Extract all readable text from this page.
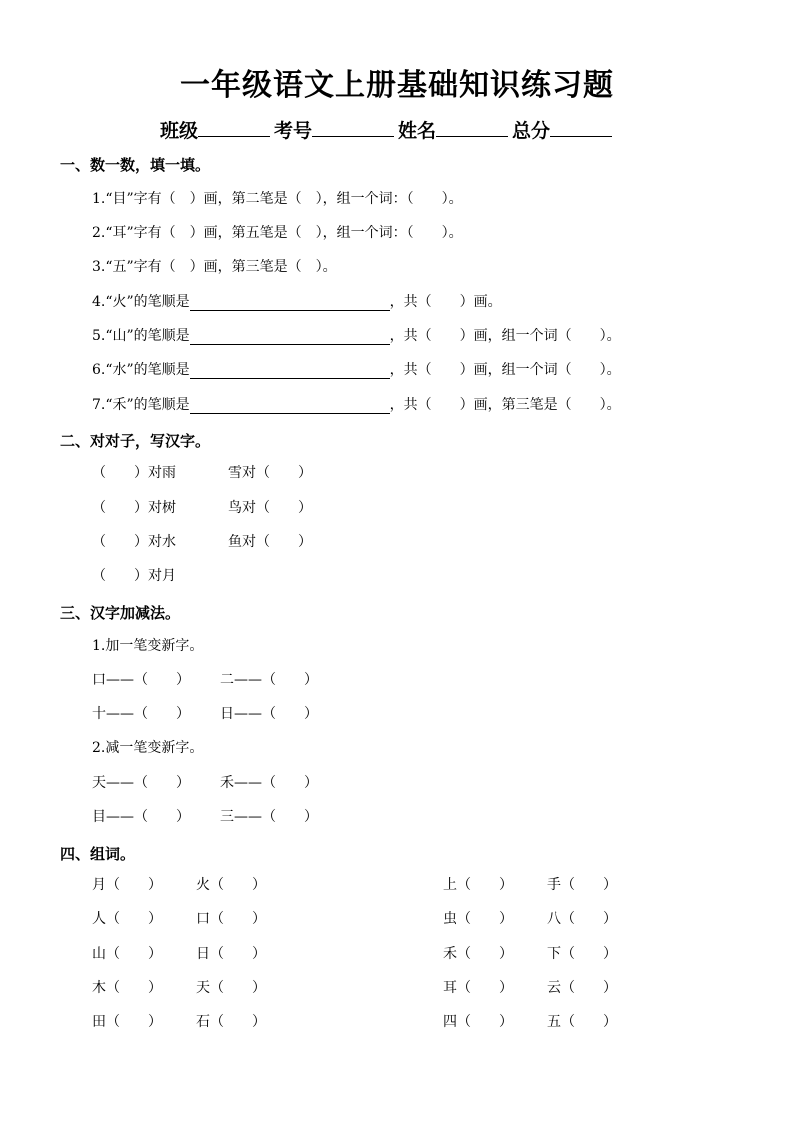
一年级语文上册基础知识练习题
班级	考号	姓名	总分
一、数一数，填一填。
1.“目”字有（　）画，第二笔是（　），组一个词：（　　）。
2.“耳”字有（　）画，第五笔是（　），组一个词：（　　）。
3.“五”字有（　）画，第三笔是（　）。
4.“火”的笔顺是	，共（　　）画。
5.“山”的笔顺是	，共（　　）画，组一个词（　　）。
6.“水”的笔顺是	，共（　　）画，组一个词（　　）。
7.“禾”的笔顺是	，共（　　）画，第三笔是（　　）。
二、对对子，写汉字。
（　　）对雨	雪对（　　）
（　　）对树	鸟对（　　）
（　　）对水	鱼对（　　）
（　　）对月
三、汉字加减法。
1.加一笔变新字。
口——（　　） 二——（　　）
十——（　　） 日——（　　）
2.减一笔变新字。
天——（　　） 禾——（　　）
目——（　　） 三——（　　）
四、组词。
月（　　） 火（　　）	上（　　） 手（　　）
人（　　） 口（　　）	虫（　　） 八（　　）
山（　　） 日（　　）	禾（　　） 下（　　）
木（　　） 天（　　）	耳（　　） 云（　　）
田（　　） 石（　　）	四（　　） 五（　　）
